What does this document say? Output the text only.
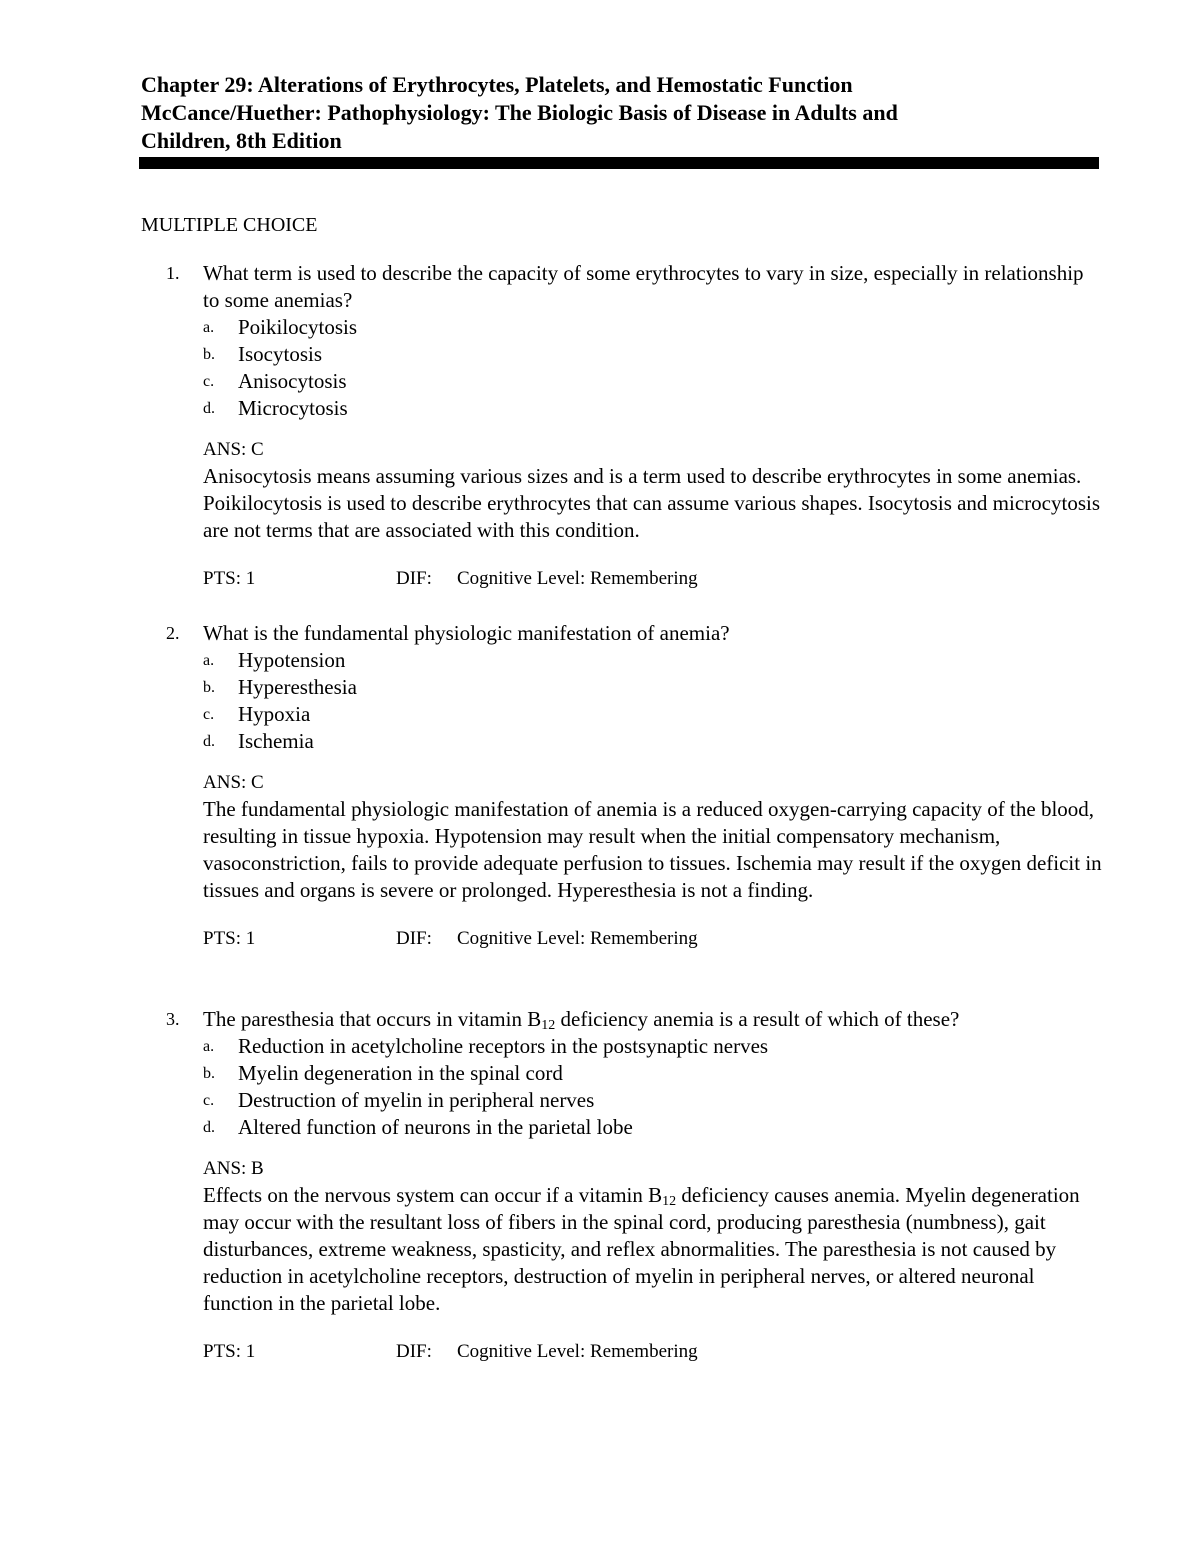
Chapter 29: Alterations of Erythrocytes, Platelets, and Hemostatic Function
McCance/Huether: Pathophysiology: The Biologic Basis of Disease in Adults and
Children, 8th Edition
MULTIPLE CHOICE
1. What term is used to describe the capacity of some erythrocytes to vary in size, especially in relationship to some anemias?
a. Poikilocytosis
b. Isocytosis
c. Anisocytosis
d. Microcytosis
ANS: C
Anisocytosis means assuming various sizes and is a term used to describe erythrocytes in some anemias. Poikilocytosis is used to describe erythrocytes that can assume various shapes. Isocytosis and microcytosis are not terms that are associated with this condition.
PTS: 1	DIF: Cognitive Level: Remembering
2. What is the fundamental physiologic manifestation of anemia?
a. Hypotension
b. Hyperesthesia
c. Hypoxia
d. Ischemia
ANS: C
The fundamental physiologic manifestation of anemia is a reduced oxygen-carrying capacity of the blood, resulting in tissue hypoxia. Hypotension may result when the initial compensatory mechanism, vasoconstriction, fails to provide adequate perfusion to tissues. Ischemia may result if the oxygen deficit in tissues and organs is severe or prolonged. Hyperesthesia is not a finding.
PTS: 1	DIF: Cognitive Level: Remembering
3. The paresthesia that occurs in vitamin $B_{12}$ deficiency anemia is a result of which of these?
a. Reduction in acetylcholine receptors in the postsynaptic nerves
b. Myelin degeneration in the spinal cord
c. Destruction of myelin in peripheral nerves
d. Altered function of neurons in the parietal lobe
ANS: B
Effects on the nervous system can occur if a vitamin $B_{12}$ deficiency causes anemia. Myelin degeneration may occur with the resultant loss of fibers in the spinal cord, producing paresthesia (numbness), gait disturbances, extreme weakness, spasticity, and reflex abnormalities. The paresthesia is not caused by reduction in acetylcholine receptors, destruction of myelin in peripheral nerves, or altered neuronal function in the parietal lobe.
PTS: 1	DIF: Cognitive Level: Remembering
